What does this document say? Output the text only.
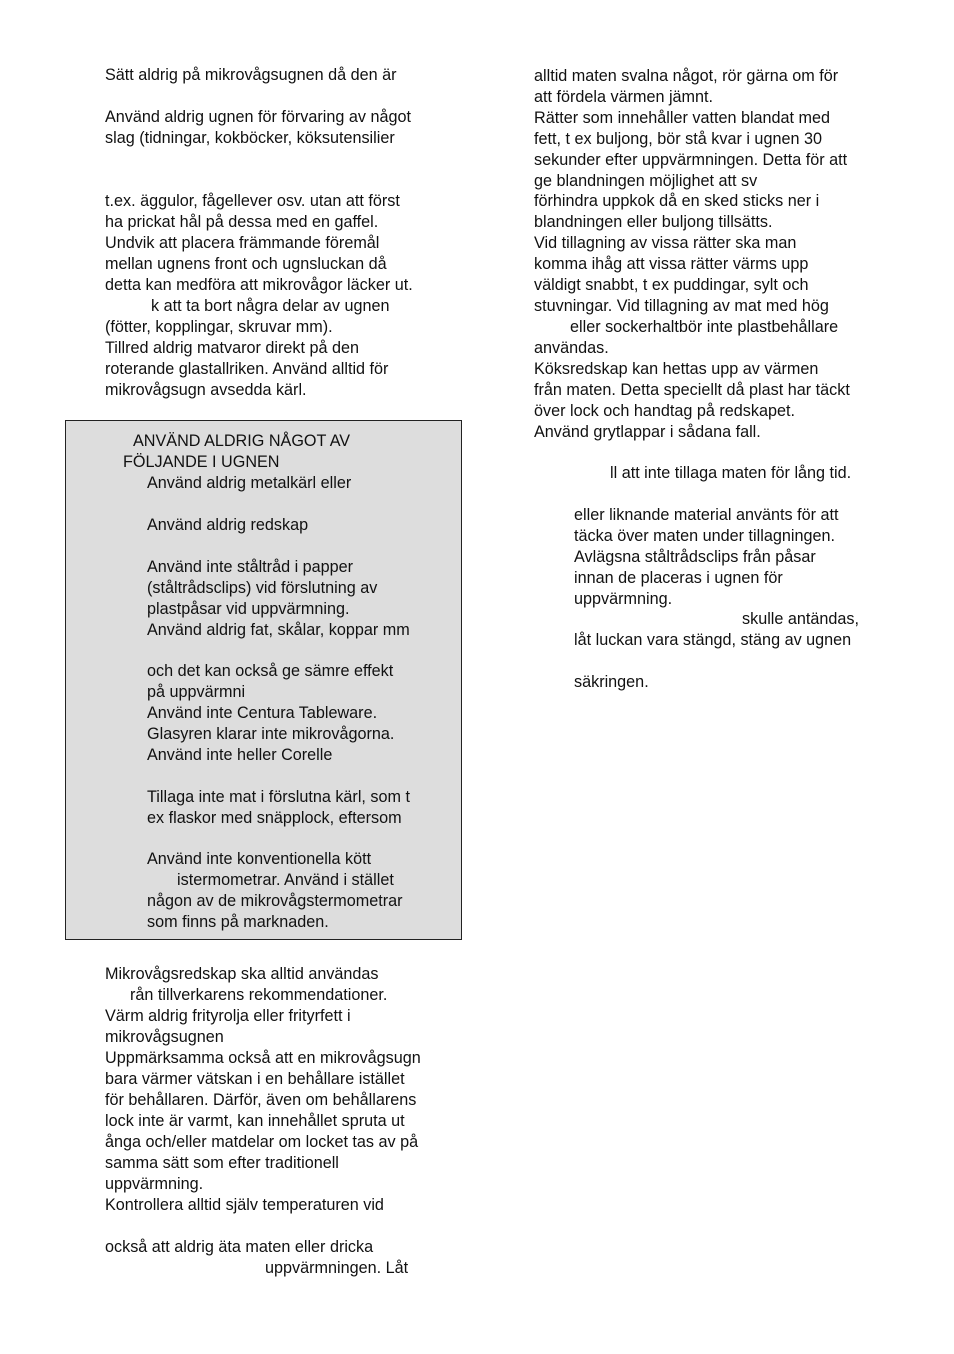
Sätt aldrig på mikrovågsugnen då den är
Använd aldrig ugnen för förvaring av något
slag (tidningar, kokböcker, köksutensilier
t.ex. äggulor, fågellever osv. utan att först
ha prickat hål på dessa med en gaffel.
Undvik att placera främmande föremål
mellan ugnens front och ugnsluckan då
detta kan medföra att mikrovågor läcker ut.
k att ta bort några delar av ugnen
(fötter, kopplingar, skruvar mm).
Tillred aldrig matvaror direkt på den
roterande glastallriken. Använd alltid för
mikrovågsugn avsedda kärl.
ANVÄND ALDRIG NÅGOT AV
FÖLJANDE I UGNEN
Använd aldrig metalkärl eller
Använd aldrig redskap
Använd inte ståltråd i papper
(ståltrådsclips) vid förslutning av
plastpåsar vid uppvärmning.
Använd aldrig fat, skålar, koppar mm
och det kan också ge sämre effekt
på uppvärmni
Använd inte Centura Tableware.
Glasyren klarar inte mikrovågorna.
Använd inte heller Corelle
Tillaga inte mat i förslutna kärl, som t
ex flaskor med snäpplock, eftersom
Använd inte konventionella kött
istermometrar. Använd i stället
någon av de mikrovågstermometrar
som finns på marknaden.
Mikrovågsredskap ska alltid användas
rån tillverkarens rekommendationer.
Värm aldrig frityrolja eller frityrfett i
mikrovågsugnen
Uppmärksamma också att en mikrovågsugn
bara värmer vätskan i en behållare istället
för behållaren. Därför, även om behållarens
lock inte är varmt, kan innehållet spruta ut
ånga och/eller matdelar om locket tas av på
samma sätt som efter traditionell
uppvärmning.
Kontrollera alltid själv temperaturen vid
också att aldrig äta maten eller dricka
uppvärmningen. Låt
alltid maten svalna något, rör gärna om för
att fördela värmen jämnt.
Rätter som innehåller vatten blandat med
fett, t ex buljong, bör stå kvar i ugnen 30
sekunder efter uppvärmningen. Detta för att
ge blandningen möjlighet att sv
förhindra uppkok då en sked sticks ner i
blandningen eller buljong tillsätts.
Vid tillagning av vissa rätter ska man
komma ihåg att vissa rätter värms upp
väldigt snabbt, t ex puddingar, sylt och
stuvningar. Vid tillagning av mat med hög
eller sockerhaltbör inte plastbehållare
användas.
Köksredskap kan hettas upp av värmen
från maten. Detta speciellt då plast har täckt
över lock och handtag på redskapet.
Använd grytlappar i sådana fall.
ll att inte tillaga maten för lång tid.
eller liknande material använts för att
täcka över maten under tillagningen.
Avlägsna ståltrådsclips från påsar
innan de placeras i ugnen för
uppvärmning.
skulle antändas,
låt luckan vara stängd, stäng av ugnen
säkringen.
